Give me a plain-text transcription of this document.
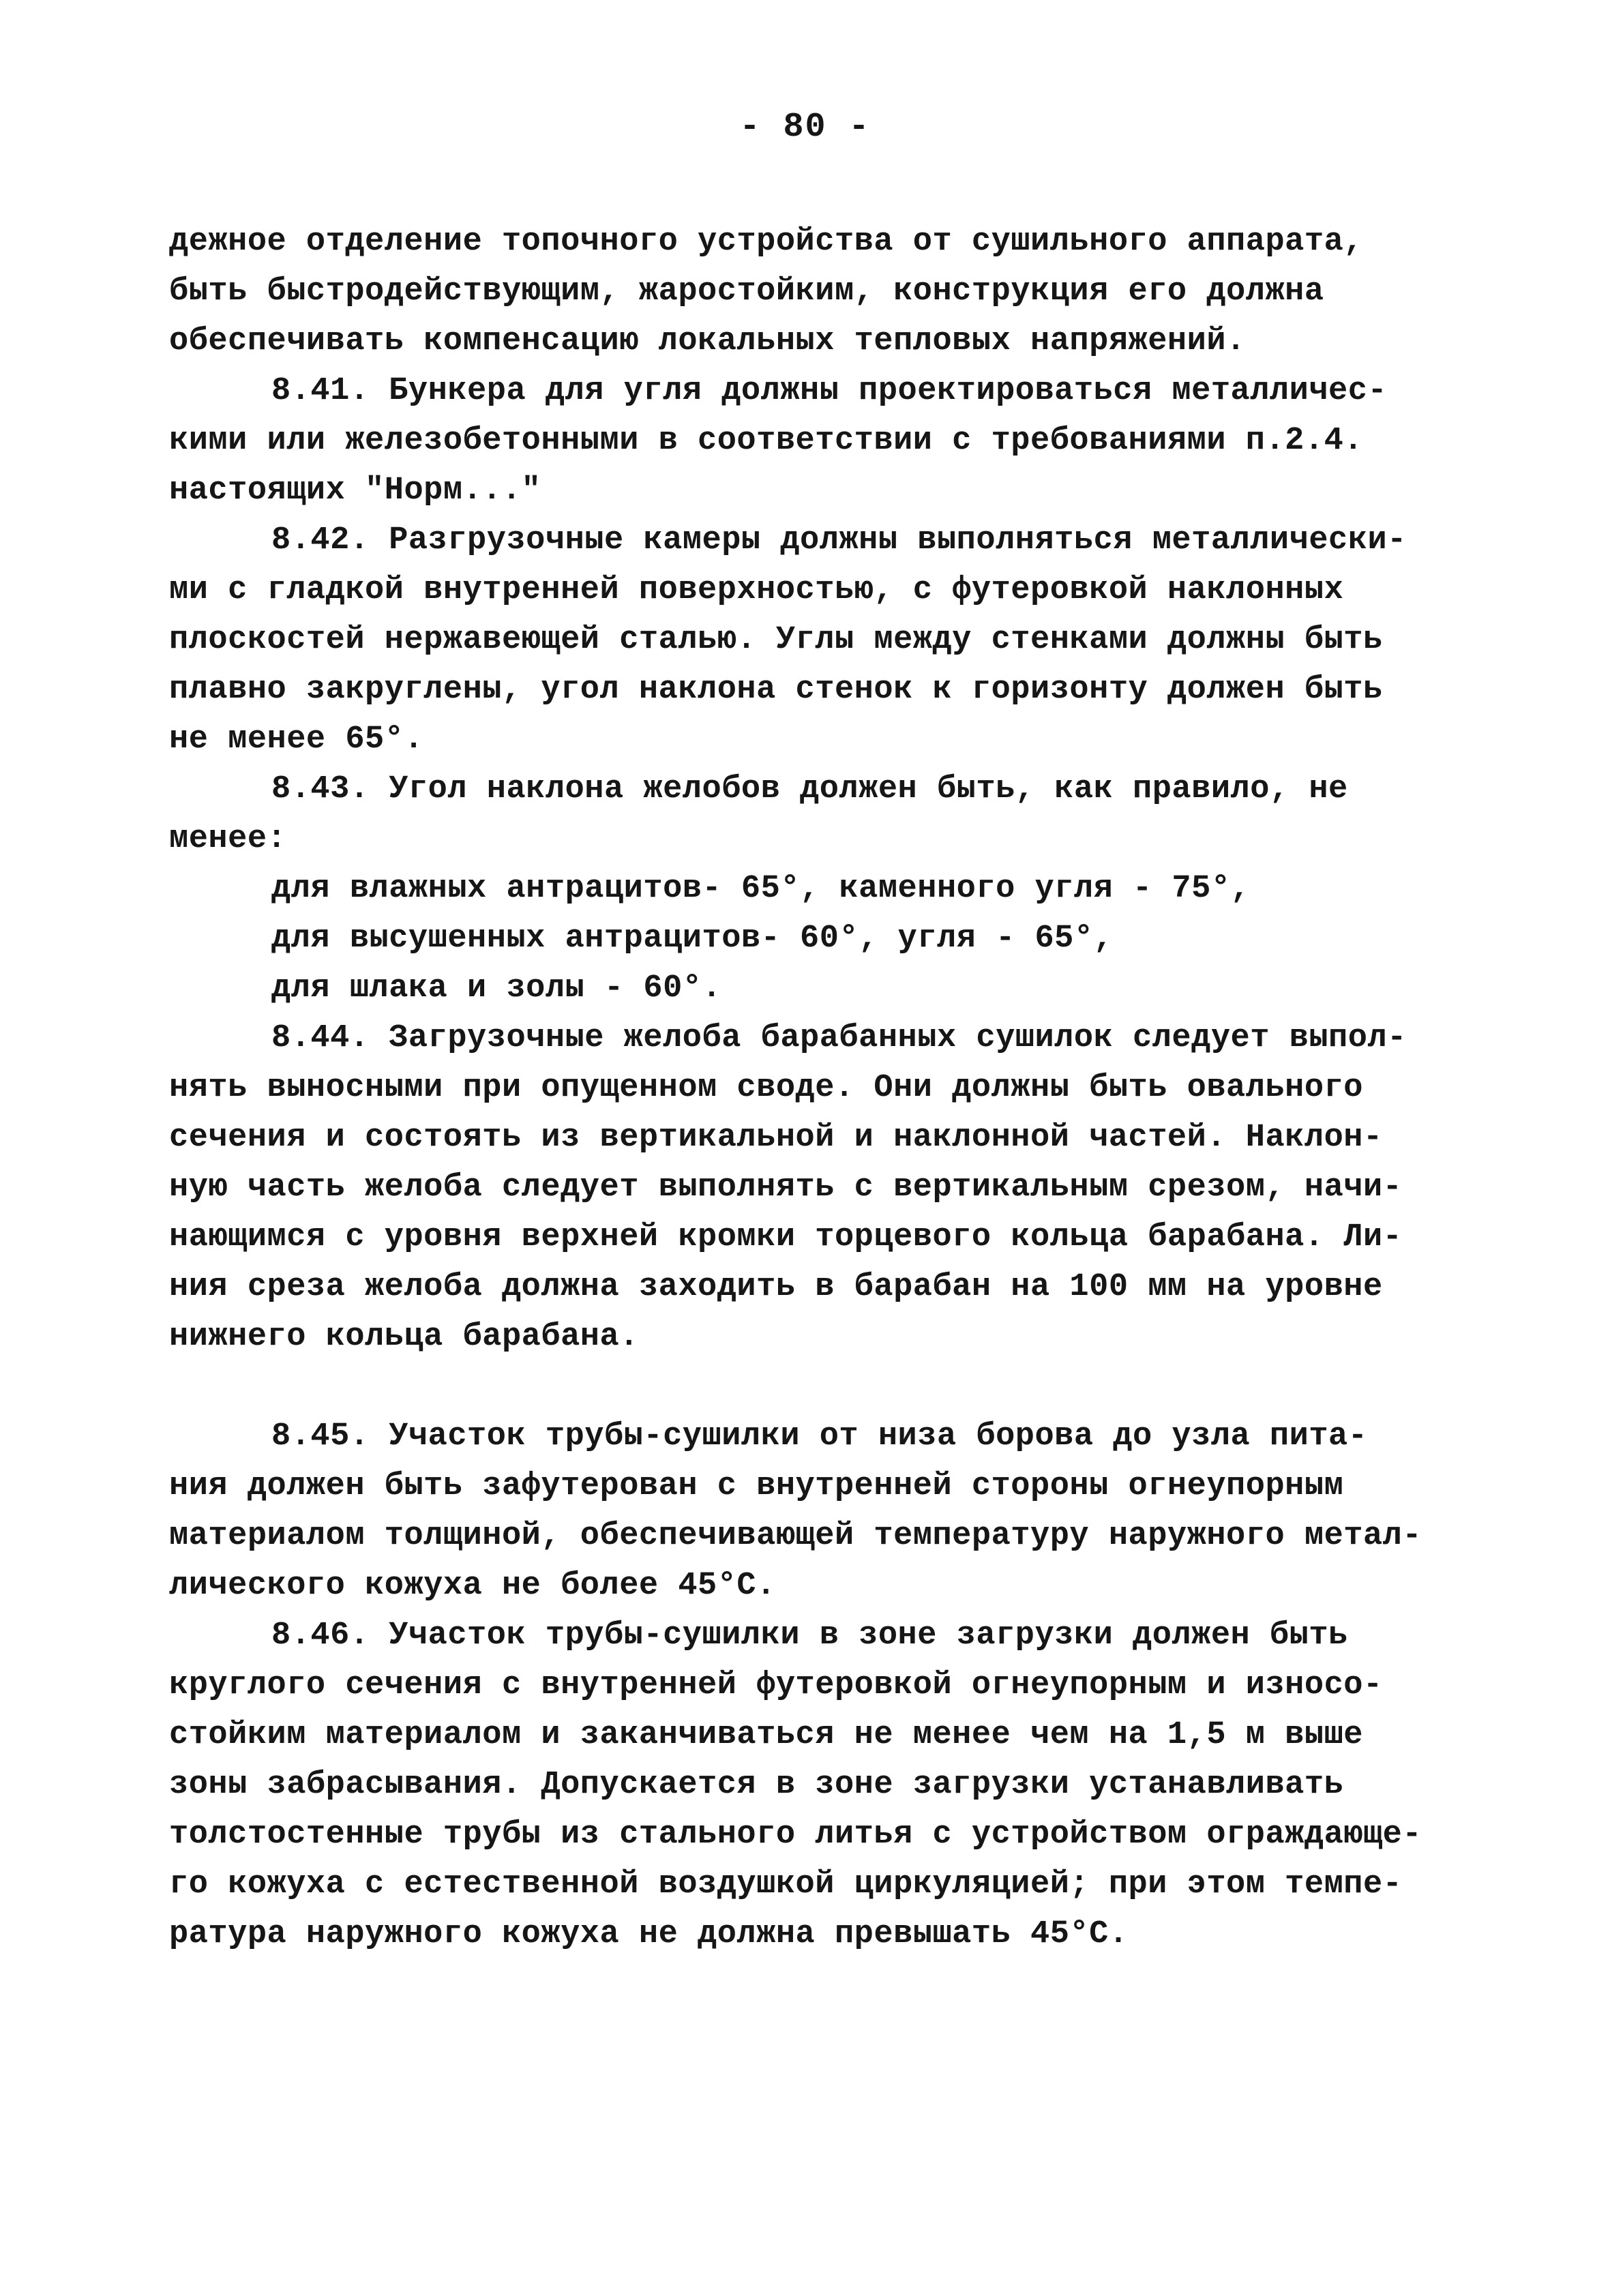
- 80 -
дежное отделение топочного устройства от сушильного аппарата,
быть быстродействующим, жаростойким, конструкция его должна
обеспечивать компенсацию локальных тепловых напряжений.
8.41. Бункера для угля должны проектироваться металличес-
кими или железобетонными в соответствии с требованиями п.2.4.
настоящих "Норм..."
8.42. Разгрузочные камеры должны выполняться металлически-
ми с гладкой внутренней поверхностью, с футеровкой наклонных
плоскостей нержавеющей сталью. Углы между стенками должны быть
плавно закруглены, угол наклона стенок к горизонту должен быть
не менее 65°.
8.43. Угол наклона желобов должен быть, как правило, не
менее:
для влажных антрацитов- 65°, каменного угля - 75°,
для высушенных антрацитов- 60°, угля - 65°,
для шлака и золы - 60°.
8.44. Загрузочные желоба барабанных сушилок следует выпол-
нять выносными при опущенном своде. Они должны быть овального
сечения и состоять из вертикальной и наклонной частей. Наклон-
ную часть желоба следует выполнять с вертикальным срезом, начи-
нающимся с уровня верхней кромки торцевого кольца барабана. Ли-
ния среза желоба должна заходить в барабан на 100 мм на уровне
нижнего кольца барабана.
8.45. Участок трубы-сушилки от низа борова до узла пита-
ния должен быть зафутерован с внутренней стороны огнеупорным
материалом толщиной, обеспечивающей температуру наружного метал-
лического кожуха не более 45°С.
8.46. Участок трубы-сушилки в зоне загрузки должен быть
круглого сечения с внутренней футеровкой огнеупорным и износо-
стойким материалом и заканчиваться не менее чем на 1,5 м выше
зоны забрасывания. Допускается в зоне загрузки устанавливать
толстостенные трубы из стального литья с устройством ограждающе-
го кожуха с естественной воздушкой циркуляцией; при этом темпе-
ратура наружного кожуха не должна превышать 45°С.
